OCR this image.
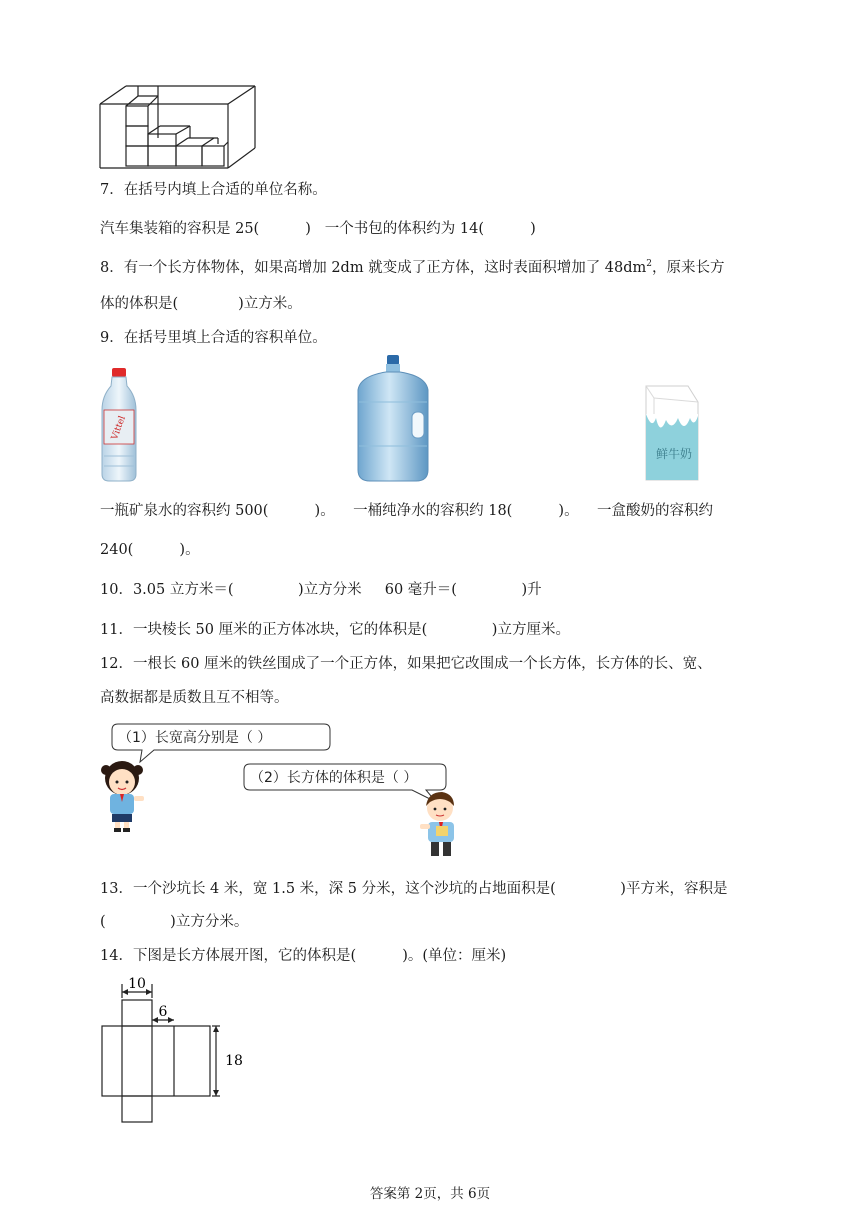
7．在括号内填上合适的单位名称。
汽车集装箱的容积是 25(          )   一个书包的体积约为 14(          )
8．有一个长方体物体，如果高增加 2dm 就变成了正方体，这时表面积增加了 $48dm^2$，原来长方
体的体积是(             )立方米。
9．在括号里填上合适的容积单位。
Vittel
鲜牛奶
一瓶矿泉水的容积约 500(          )。    一桶纯净水的容积约 18(          )。    一盒酸奶的容积约
240(          )。
10．3.05 立方米＝(              )立方分米     60 毫升＝(              )升
11．一块棱长 50 厘米的正方体冰块，它的体积是(              )立方厘米。
12．一根长 60 厘米的铁丝围成了一个正方体，如果把它改围成一个长方体，长方体的长、宽、
高数据都是质数且互不相等。
（1）长宽高分别是（ ）
（2）长方体的体积是（ ）
13．一个沙坑长 4 米，宽 1.5 米，深 5 分米，这个沙坑的占地面积是(              )平方米，容积是
(              )立方分米。
14．下图是长方体展开图，它的体积是(          )。(单位：厘米)
10
6
18
答案第 2页，共 6页
